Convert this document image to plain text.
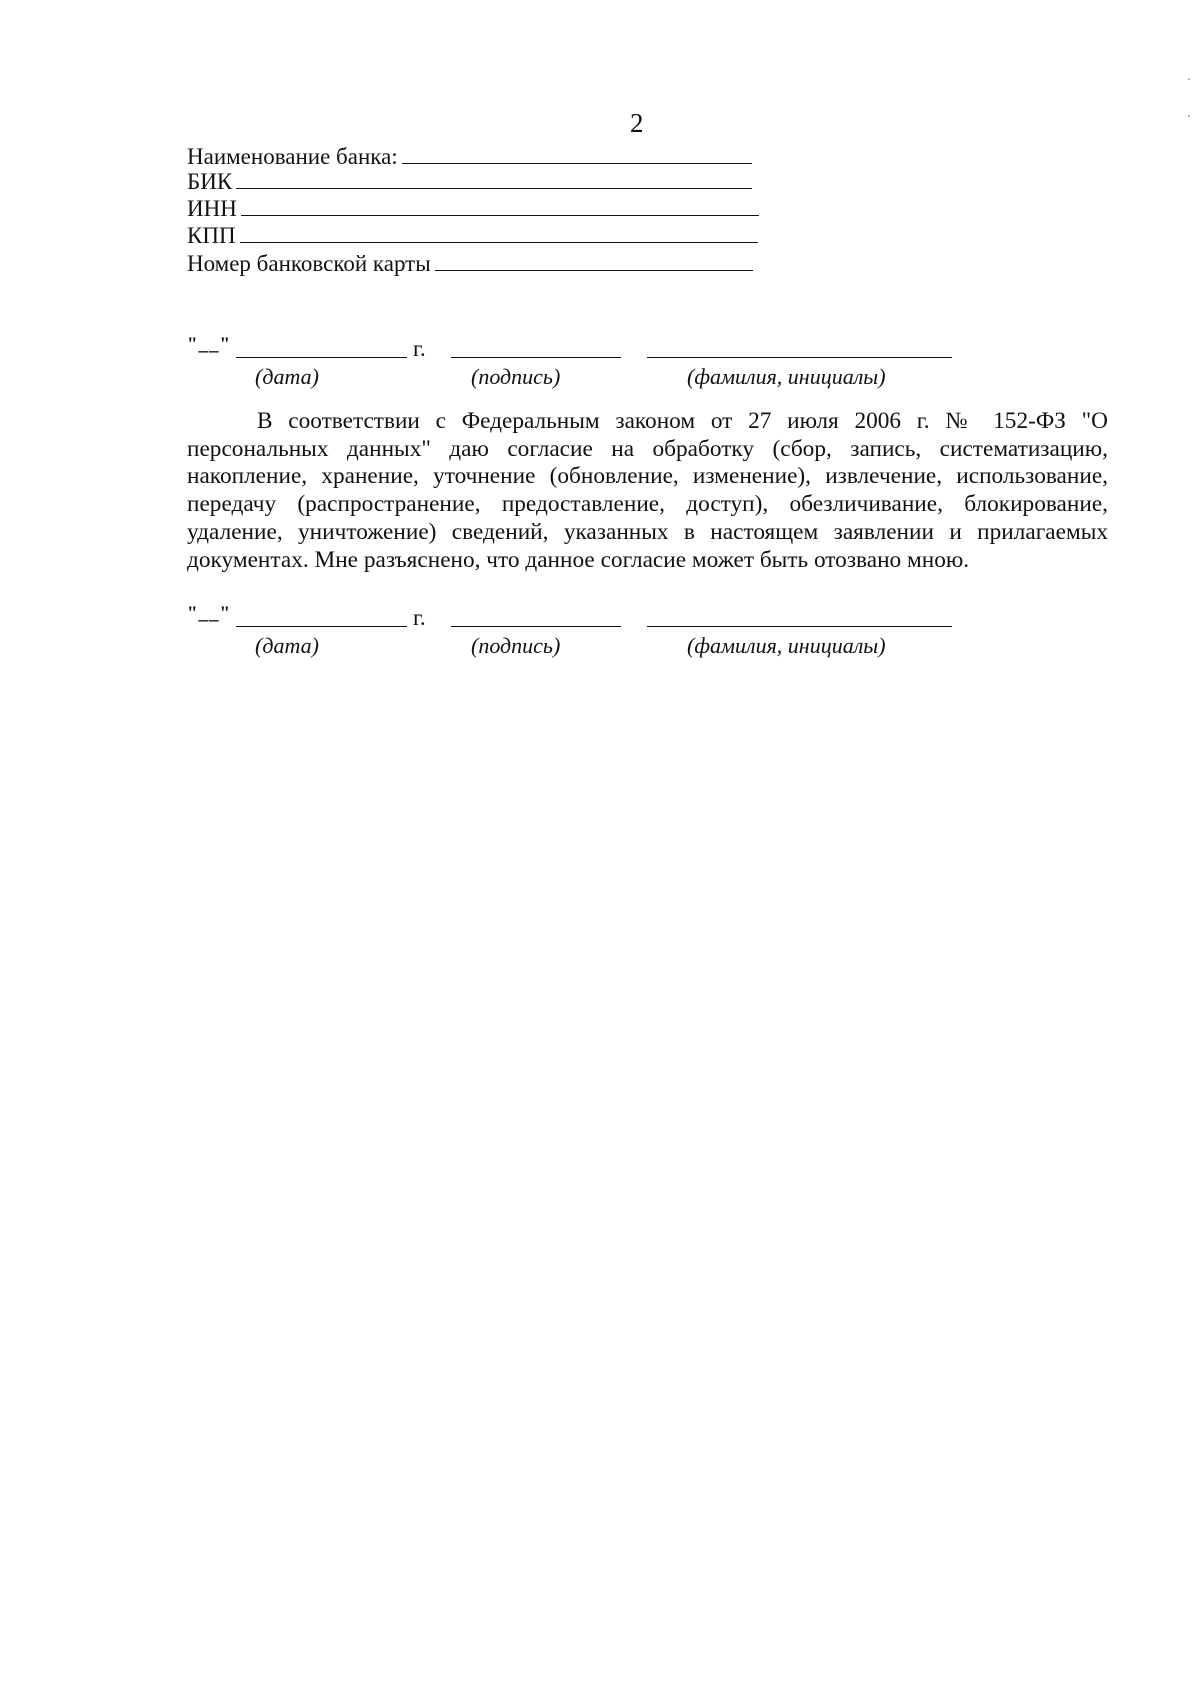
2
Наименование банка:
БИК
ИНН
КПП
Номер банковской карты
"__"	г.
(дата)	(подпись)	(фамилия, инициалы)
В соответствии с Федеральным законом от 27 июля 2006 г. № 152-ФЗ "О персональных данных" даю согласие на обработку (сбор, запись, систематизацию, накопление, хранение, уточнение (обновление, изменение), извлечение, использование, передачу (распространение, предоставление, доступ), обезличивание, блокирование, удаление, уничтожение) сведений, указанных в настоящем заявлении и прилагаемых документах. Мне разъяснено, что данное согласие может быть отозвано мною.
"__"	г.
(дата)	(подпись)	(фамилия, инициалы)
